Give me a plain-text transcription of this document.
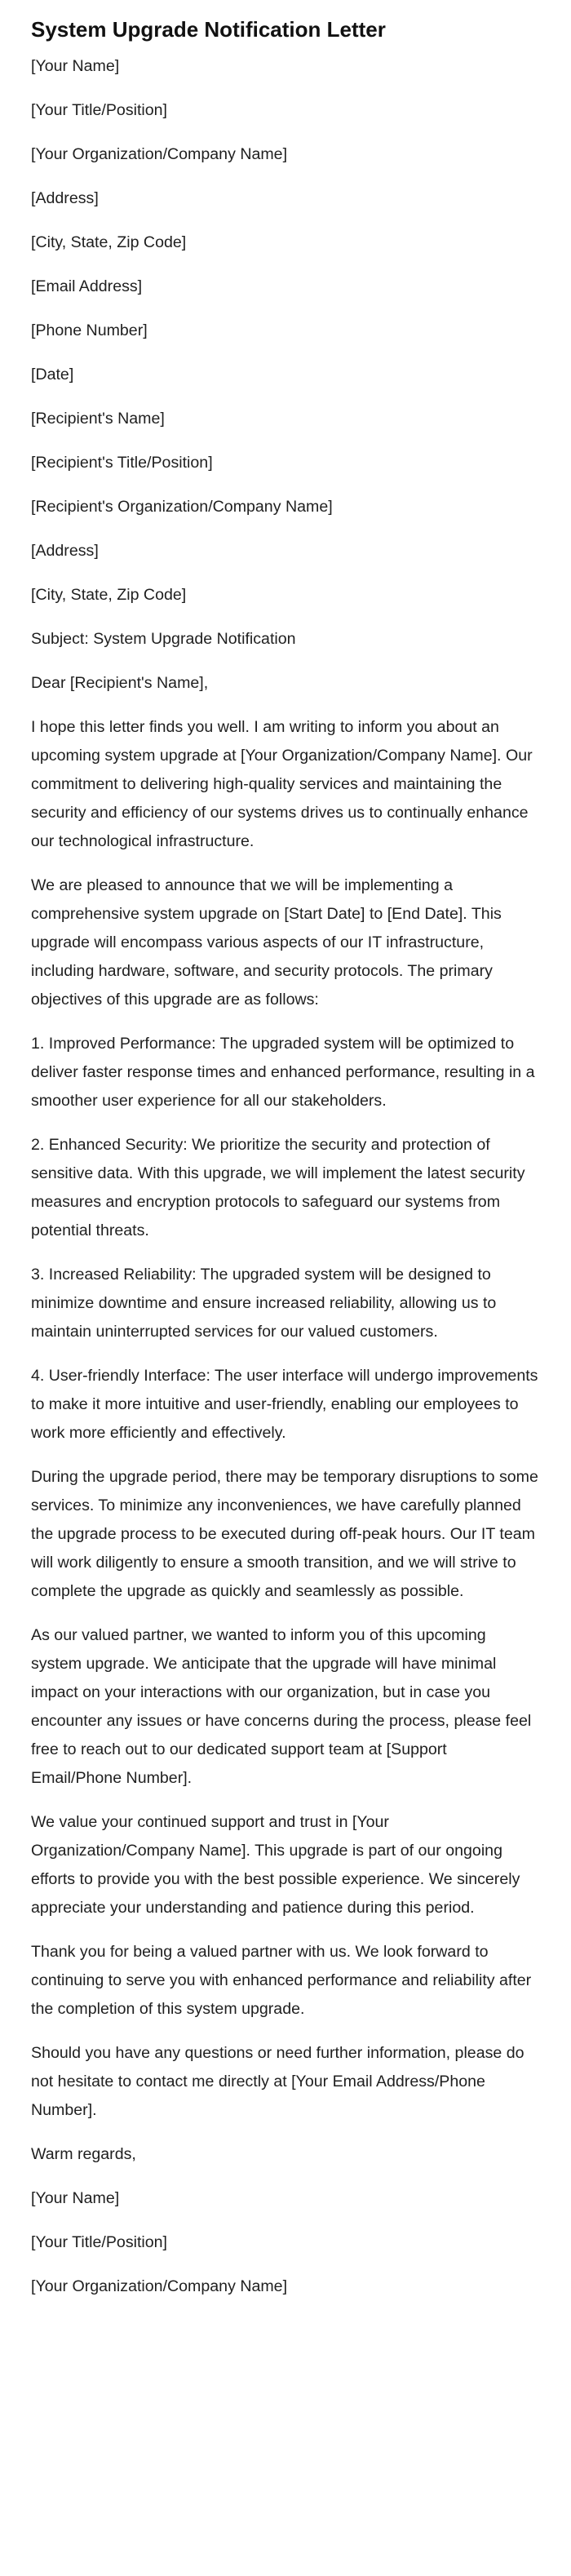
System Upgrade Notification Letter

[Your Name]

[Your Title/Position]

[Your Organization/Company Name]

[Address]

[City, State, Zip Code]

[Email Address]

[Phone Number]

[Date]

[Recipient's Name]

[Recipient's Title/Position]

[Recipient's Organization/Company Name]

[Address]

[City, State, Zip Code]

Subject: System Upgrade Notification

Dear [Recipient's Name],

I hope this letter finds you well. I am writing to inform you about an upcoming system upgrade at [Your Organization/Company Name]. Our commitment to delivering high-quality services and maintaining the security and efficiency of our systems drives us to continually enhance our technological infrastructure.

We are pleased to announce that we will be implementing a comprehensive system upgrade on [Start Date] to [End Date]. This upgrade will encompass various aspects of our IT infrastructure, including hardware, software, and security protocols. The primary objectives of this upgrade are as follows:

1. Improved Performance: The upgraded system will be optimized to deliver faster response times and enhanced performance, resulting in a smoother user experience for all our stakeholders.

2. Enhanced Security: We prioritize the security and protection of sensitive data. With this upgrade, we will implement the latest security measures and encryption protocols to safeguard our systems from potential threats.

3. Increased Reliability: The upgraded system will be designed to minimize downtime and ensure increased reliability, allowing us to maintain uninterrupted services for our valued customers.

4. User-friendly Interface: The user interface will undergo improvements to make it more intuitive and user-friendly, enabling our employees to work more efficiently and effectively.

During the upgrade period, there may be temporary disruptions to some services. To minimize any inconveniences, we have carefully planned the upgrade process to be executed during off-peak hours. Our IT team will work diligently to ensure a smooth transition, and we will strive to complete the upgrade as quickly and seamlessly as possible.

As our valued partner, we wanted to inform you of this upcoming system upgrade. We anticipate that the upgrade will have minimal impact on your interactions with our organization, but in case you encounter any issues or have concerns during the process, please feel free to reach out to our dedicated support team at [Support Email/Phone Number].

We value your continued support and trust in [Your Organization/Company Name]. This upgrade is part of our ongoing efforts to provide you with the best possible experience. We sincerely appreciate your understanding and patience during this period.

Thank you for being a valued partner with us. We look forward to continuing to serve you with enhanced performance and reliability after the completion of this system upgrade.

Should you have any questions or need further information, please do not hesitate to contact me directly at [Your Email Address/Phone Number].

Warm regards,

[Your Name]

[Your Title/Position]

[Your Organization/Company Name]
